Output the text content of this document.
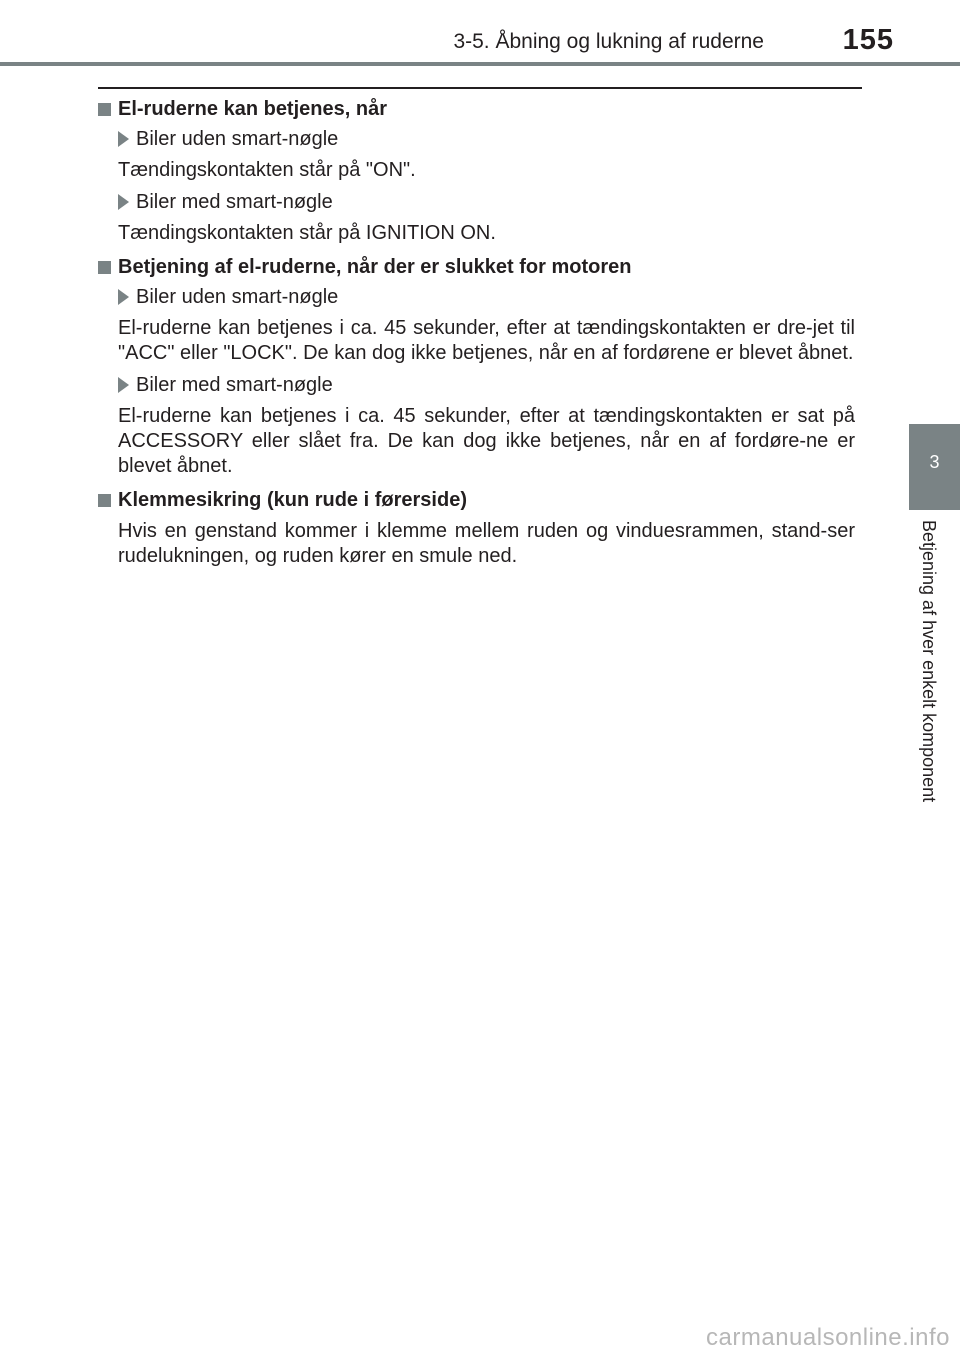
3-5. Åbning og lukning af ruderne	155
3
Betjening af hver enkelt komponent
El-ruderne kan betjenes, når
Biler uden smart-nøgle
Tændingskontakten står på "ON".
Biler med smart-nøgle
Tændingskontakten står på IGNITION ON.
Betjening af el-ruderne, når der er slukket for motoren
Biler uden smart-nøgle
El-ruderne kan betjenes i ca. 45 sekunder, efter at tændingskontakten er dre-jet til "ACC" eller "LOCK". De kan dog ikke betjenes, når en af fordørene er blevet åbnet.
Biler med smart-nøgle
El-ruderne kan betjenes i ca. 45 sekunder, efter at tændingskontakten er sat på ACCESSORY eller slået fra. De kan dog ikke betjenes, når en af fordøre-ne er blevet åbnet.
Klemmesikring (kun rude i førerside)
Hvis en genstand kommer i klemme mellem ruden og vinduesrammen, stand-ser rudelukningen, og ruden kører en smule ned.
carmanualsonline.info
